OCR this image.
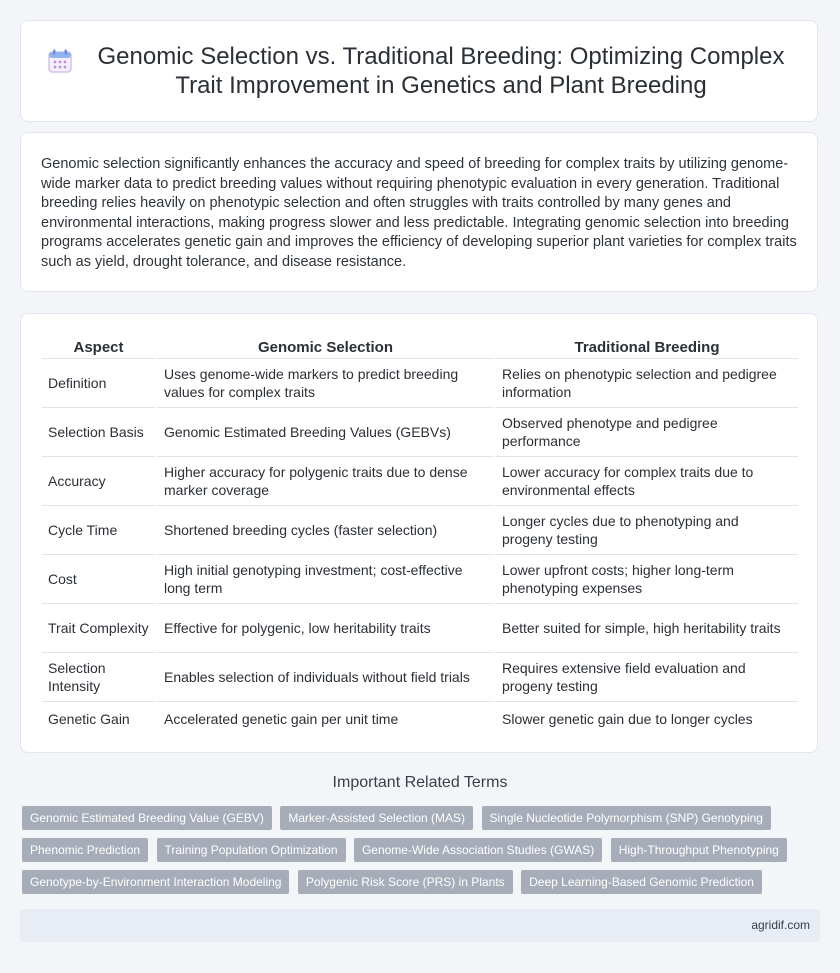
Genomic Selection vs. Traditional Breeding: Optimizing Complex Trait Improvement in Genetics and Plant Breeding

Genomic selection significantly enhances the accuracy and speed of breeding for complex traits by utilizing genome-wide marker data to predict breeding values without requiring phenotypic evaluation in every generation. Traditional breeding relies heavily on phenotypic selection and often struggles with traits controlled by many genes and environmental interactions, making progress slower and less predictable. Integrating genomic selection into breeding programs accelerates genetic gain and improves the efficiency of developing superior plant varieties for complex traits such as yield, drought tolerance, and disease resistance.

Aspect	Genomic Selection	Traditional Breeding
Definition	Uses genome-wide markers to predict breeding values for complex traits	Relies on phenotypic selection and pedigree information
Selection Basis	Genomic Estimated Breeding Values (GEBVs)	Observed phenotype and pedigree performance
Accuracy	Higher accuracy for polygenic traits due to dense marker coverage	Lower accuracy for complex traits due to environmental effects
Cycle Time	Shortened breeding cycles (faster selection)	Longer cycles due to phenotyping and progeny testing
Cost	High initial genotyping investment; cost-effective long term	Lower upfront costs; higher long-term phenotyping expenses
Trait Complexity	Effective for polygenic, low heritability traits	Better suited for simple, high heritability traits
Selection Intensity	Enables selection of individuals without field trials	Requires extensive field evaluation and progeny testing
Genetic Gain	Accelerated genetic gain per unit time	Slower genetic gain due to longer cycles
Important Related Terms
Genomic Estimated Breeding Value (GEBV) Marker-Assisted Selection (MAS) Single Nucleotide Polymorphism (SNP) Genotyping Phenomic Prediction Training Population Optimization Genome-Wide Association Studies (GWAS) High-Throughput Phenotyping Genotype-by-Environment Interaction Modeling Polygenic Risk Score (PRS) in Plants Deep Learning-Based Genomic Prediction
agridif.com
